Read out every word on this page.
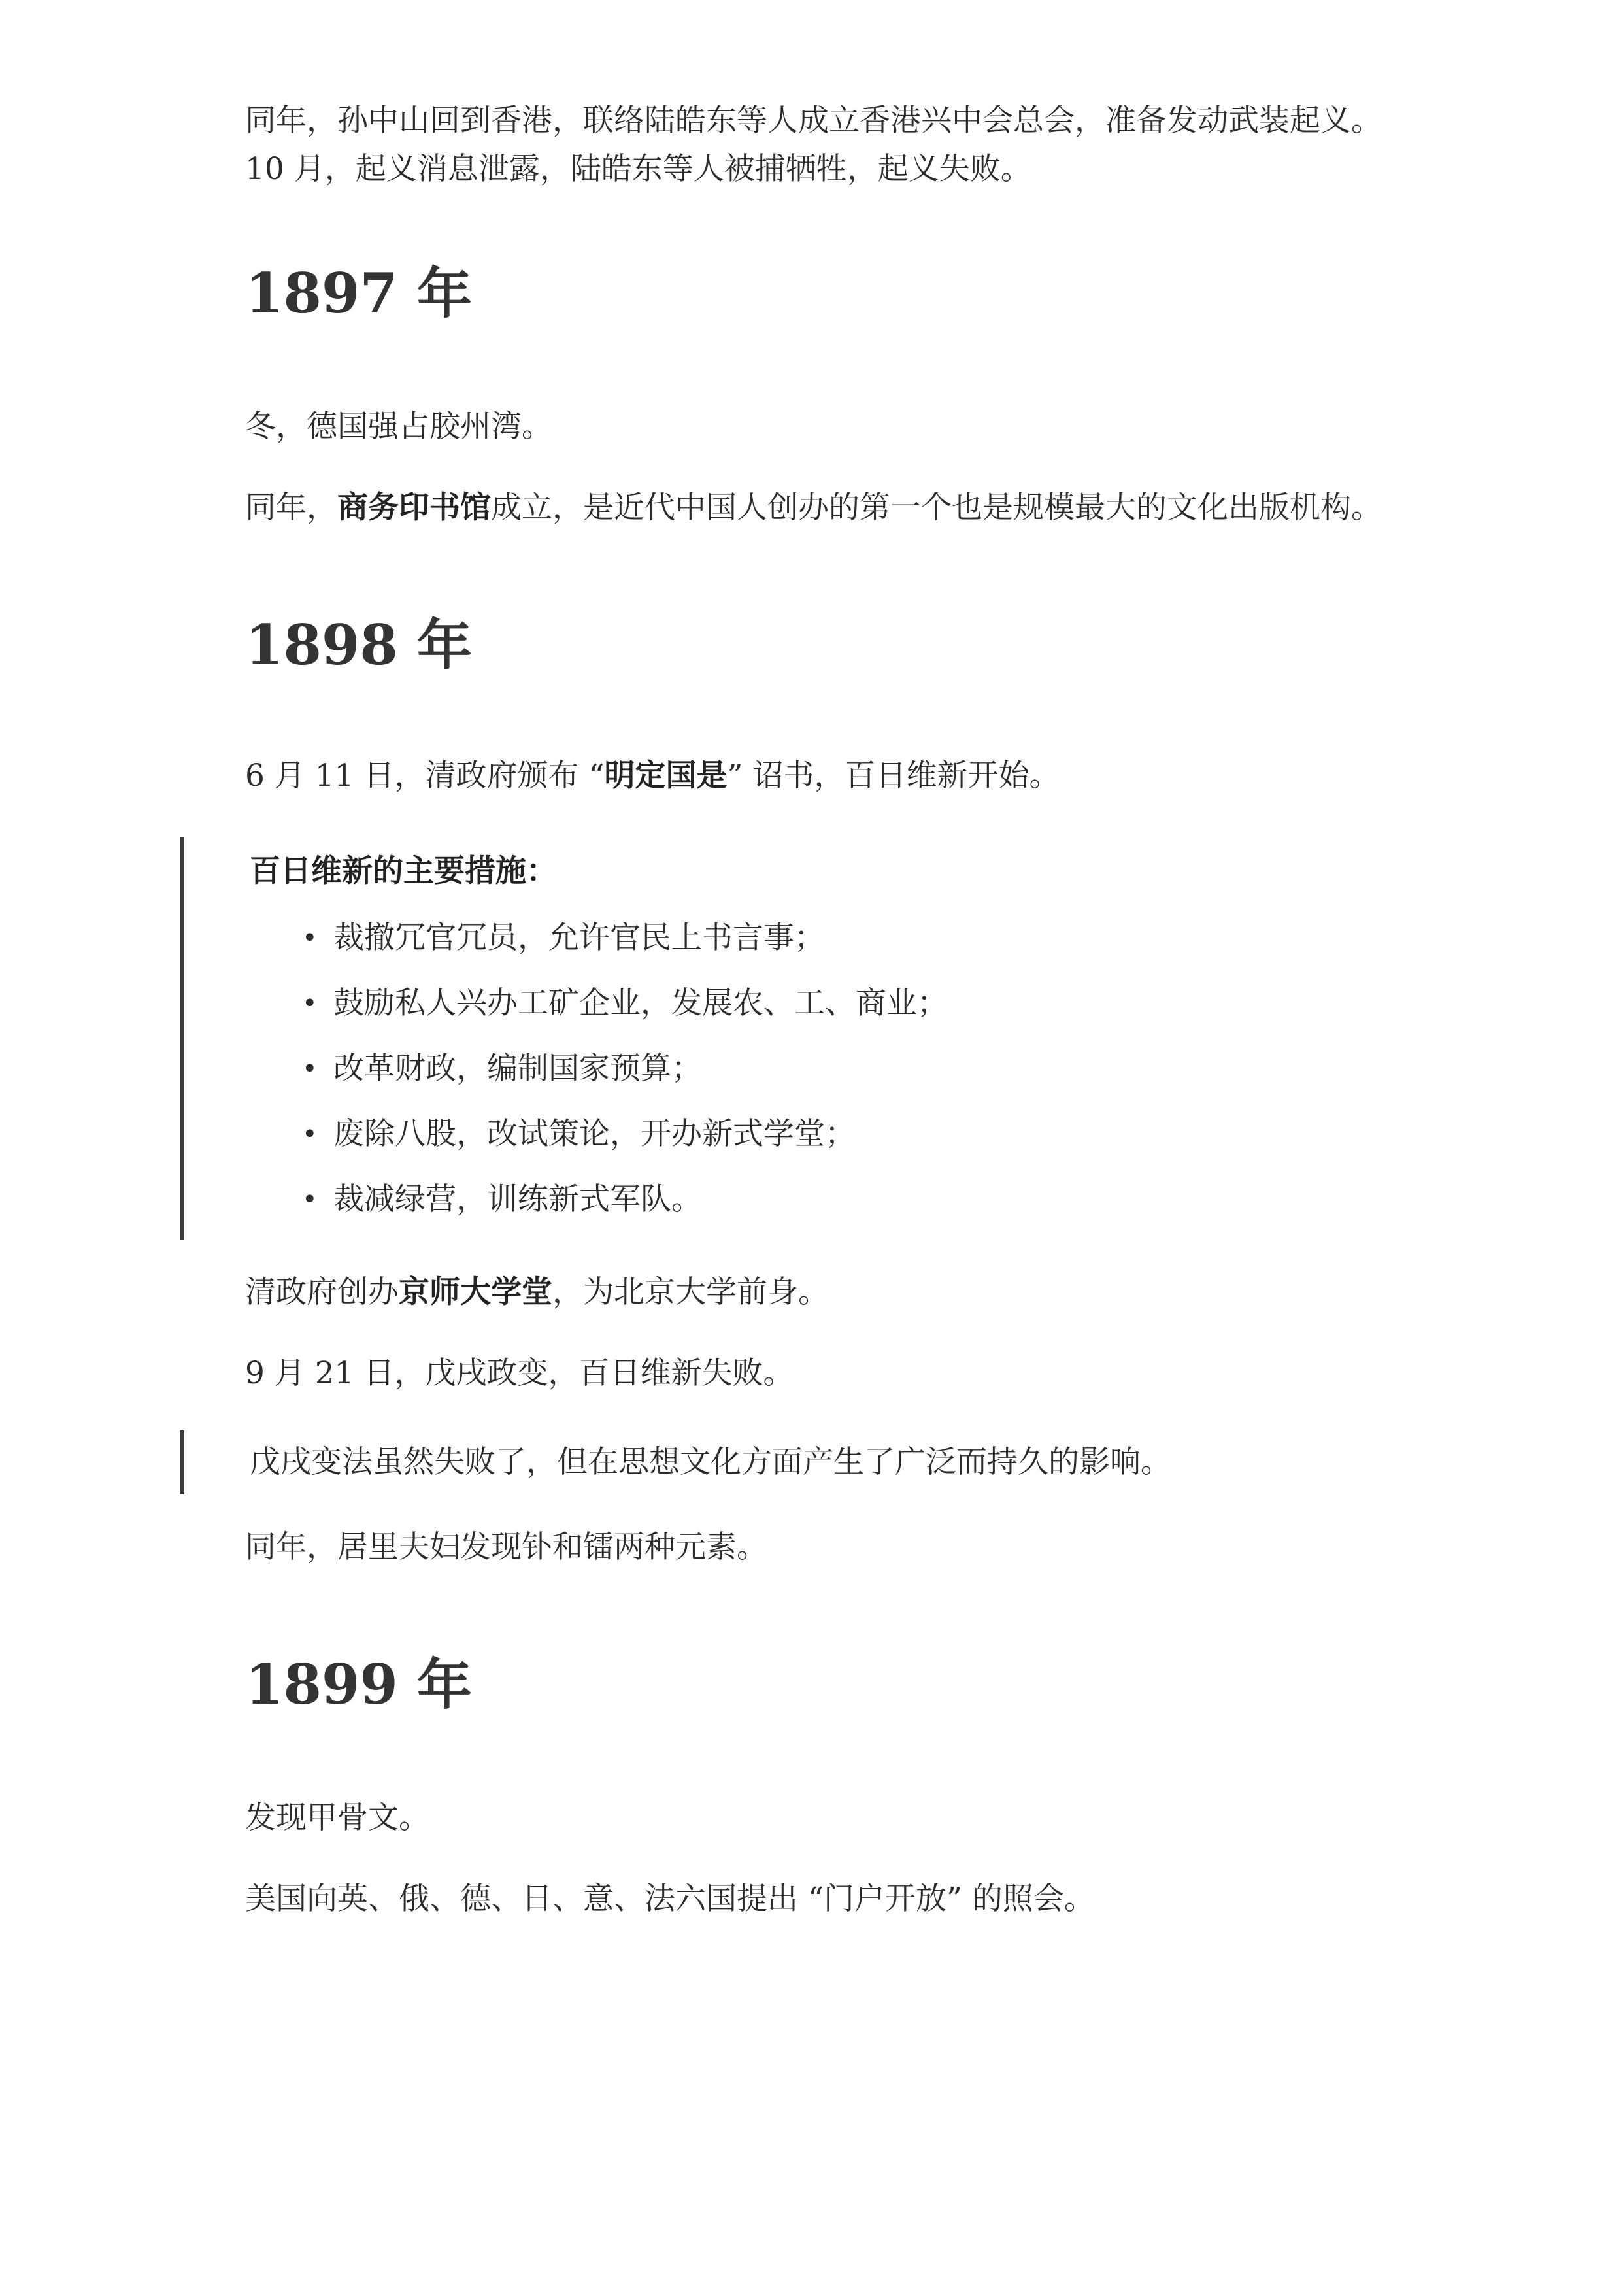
同年，孙中山回到香港，联络陆皓东等人成立香港兴中会总会，准备发动武装起义。10 月，起义消息泄露，陆皓东等人被捕牺牲，起义失败。

1897 年

冬，德国强占胶州湾。

同年，商务印书馆成立，是近代中国人创办的第一个也是规模最大的文化出版机构。

1898 年

6 月 11 日，清政府颁布 “明定国是” 诏书，百日维新开始。

百日维新的主要措施：

• 裁撤冗官冗员，允许官民上书言事；
• 鼓励私人兴办工矿企业，发展农、工、商业；
• 改革财政，编制国家预算；
• 废除八股，改试策论，开办新式学堂；
• 裁减绿营，训练新式军队。

清政府创办京师大学堂，为北京大学前身。

9 月 21 日，戊戌政变，百日维新失败。

戊戌变法虽然失败了，但在思想文化方面产生了广泛而持久的影响。

同年，居里夫妇发现钋和镭两种元素。

1899 年

发现甲骨文。

美国向英、俄、德、日、意、法六国提出 “门户开放” 的照会。
